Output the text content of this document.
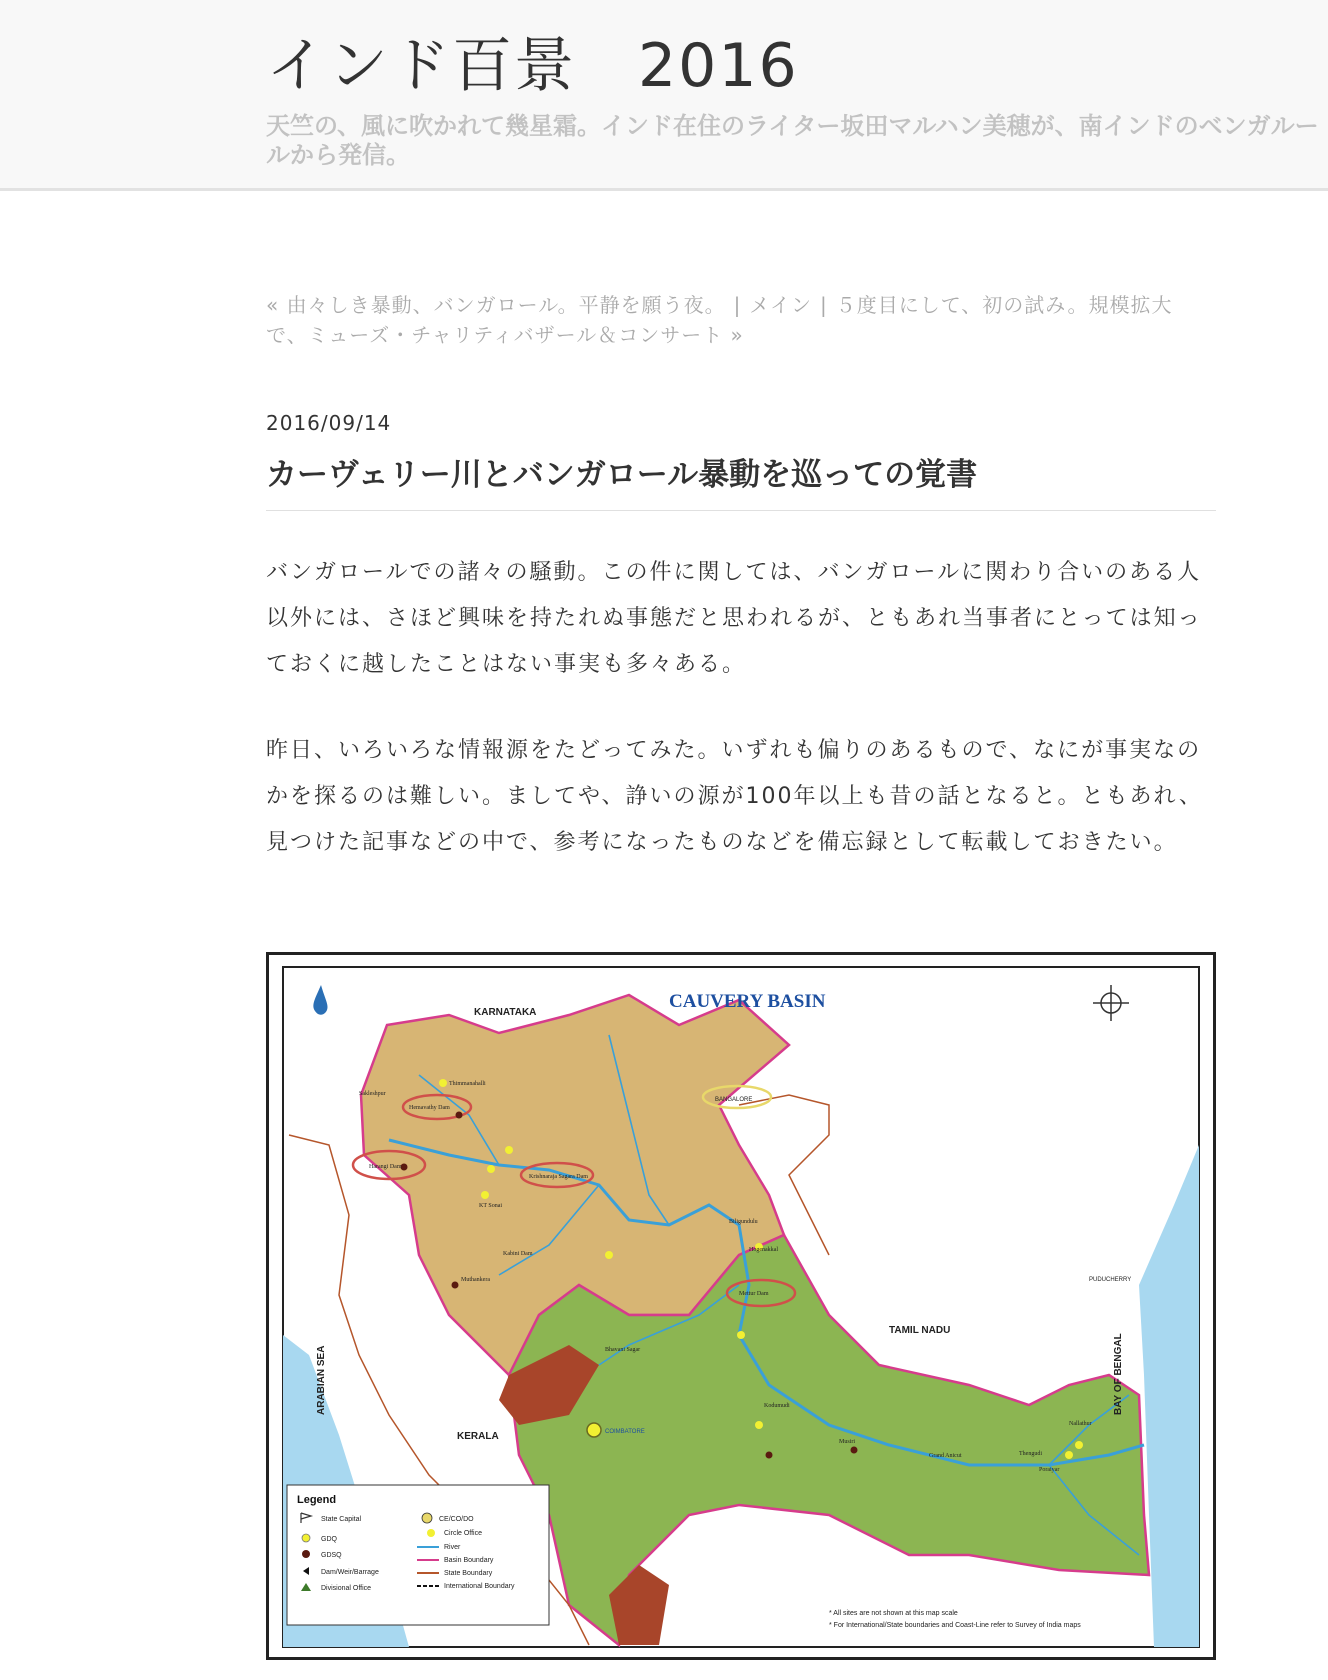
インド百景　2016
天竺の、風に吹かれて幾星霜。インド在住のライター坂田マルハン美穂が、南インドのベンガルールから発信。
« 由々しき暴動、バンガロール。平静を願う夜。 | メイン | ５度目にして、初の試み。規模拡大で、ミューズ・チャリティバザール＆コンサート »
2016/09/14
カーヴェリー川とバンガロール暴動を巡っての覚書

バンガロールでの諸々の騒動。この件に関しては、バンガロールに関わり合いのある人以外には、さほど興味を持たれぬ事態だと思われるが、ともあれ当事者にとっては知っておくに越したことはない事実も多々ある。

昨日、いろいろな情報源をたどってみた。いずれも偏りのあるもので、なにが事実なのかを探るのは難しい。ましてや、諍いの源が100年以上も昔の話となると。ともあれ、見つけた記事などの中で、参考になったものなどを備忘録として転載しておきたい。

CAUVERY BASIN
KARNATAKA
TAMIL NADU
KERALA
ARABIAN SEA	BAY OF BENGAL
PUDUCHERRY
BANGALORE
COIMBATORE
Harangi Dam
Hemavathy Dam
Kabini Dam
Krishnaraja Sagara Dam
Mettur Dam
Bhavani Sagar
Grand Anicut
Kodumudi
Musiri
Nallathur
Thimmanahalli
Sakleshpur
Muthankera
KT Sonai
Biligundulu
Hogenakkal
Thengudi
Poraiyar
Legend
State Capital
GDQ
GDSQ
Dam/Weir/Barrage
Divisional Office
CE/CO/DO
Circle Office
River
Basin Boundary
State Boundary
International Boundary
* All sites are not shown at this map scale
* For International/State boundaries and Coast-Line refer to Survey of India maps
